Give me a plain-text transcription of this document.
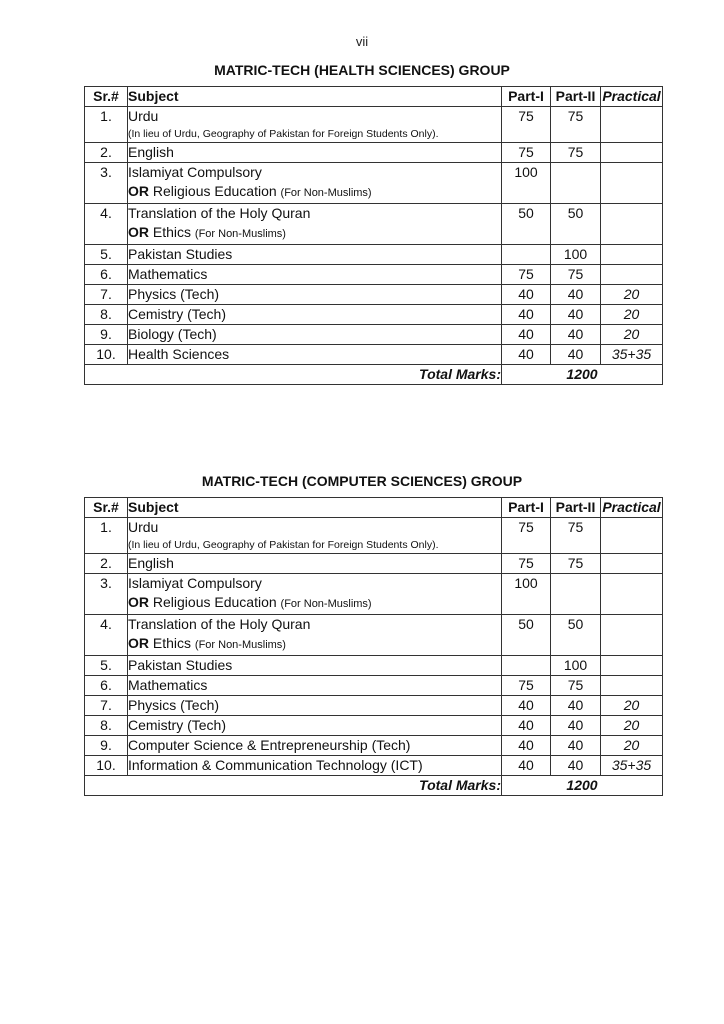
vii
MATRIC-TECH (HEALTH SCIENCES) GROUP
Sr.#	Subject	Part-I	Part-II	Practical
1.	Urdu
(In lieu of Urdu, Geography of Pakistan for Foreign Students Only).	75	75	
2.	English	75	75	
3.	Islamiyat Compulsory
OR Religious Education (For Non-Muslims)	100		
4.	Translation of the Holy Quran
OR Ethics (For Non-Muslims)	50	50	
5.	Pakistan Studies		100	
6.	Mathematics	75	75	
7.	Physics (Tech)	40	40	20
8.	Cemistry (Tech)	40	40	20
9.	Biology (Tech)	40	40	20
10.	Health Sciences	40	40	35+35
Total Marks:		1200		
MATRIC-TECH (COMPUTER SCIENCES) GROUP
Sr.#	Subject	Part-I	Part-II	Practical
1.	Urdu
(In lieu of Urdu, Geography of Pakistan for Foreign Students Only).	75	75	
2.	English	75	75	
3.	Islamiyat Compulsory
OR Religious Education (For Non-Muslims)	100		
4.	Translation of the Holy Quran
OR Ethics (For Non-Muslims)	50	50	
5.	Pakistan Studies		100	
6.	Mathematics	75	75	
7.	Physics (Tech)	40	40	20
8.	Cemistry (Tech)	40	40	20
9.	Computer Science & Entrepreneurship (Tech)	40	40	20
10.	Information & Communication Technology (ICT)	40	40	35+35
Total Marks:		1200		
